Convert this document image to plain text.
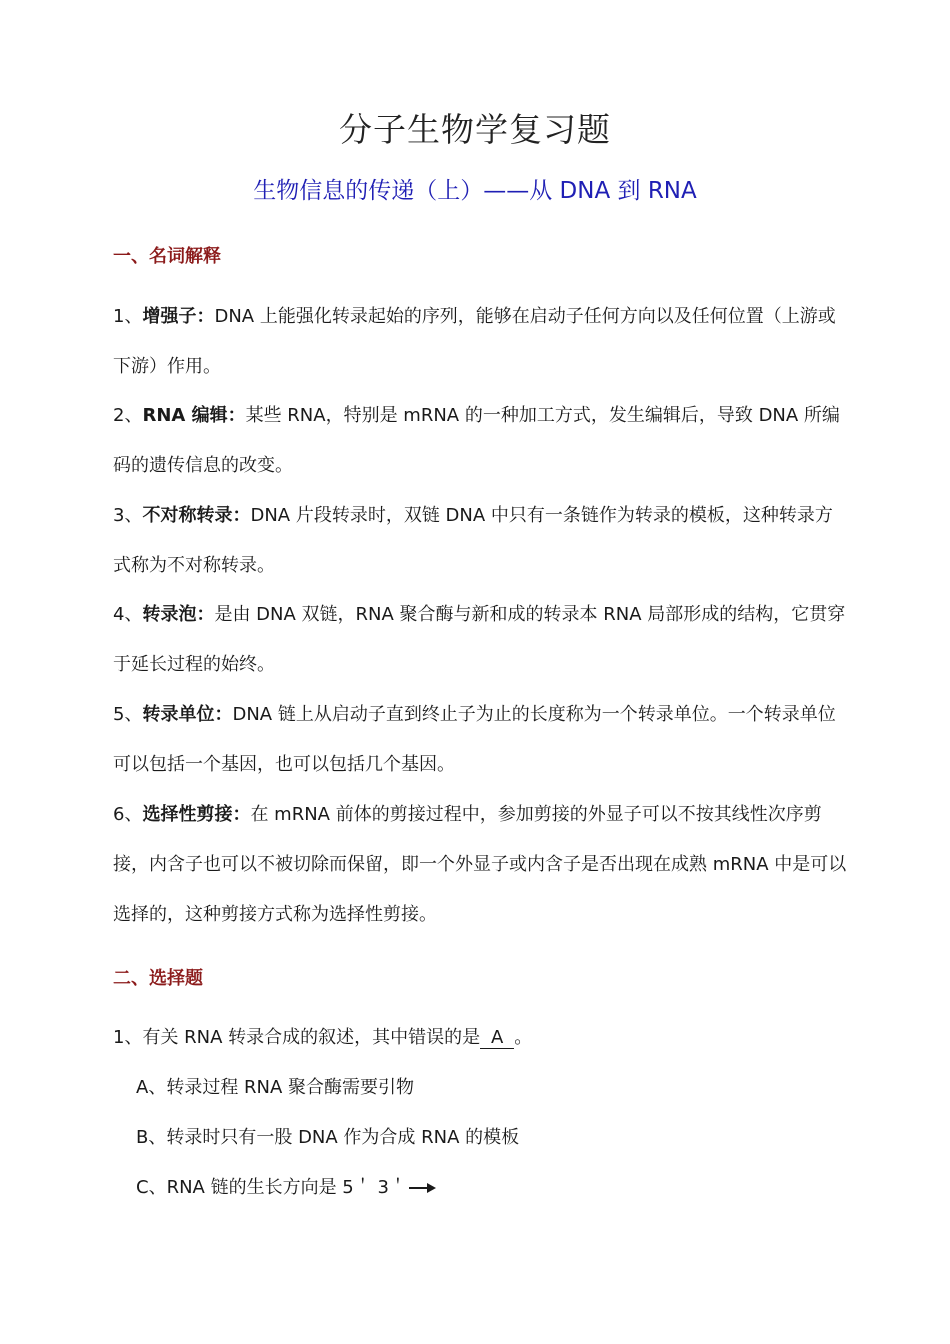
分子生物学复习题
生物信息的传递（上）——从 DNA 到 RNA
一、名词解释

1、增强子：DNA 上能强化转录起始的序列，能够在启动子任何方向以及任何位置（上游或下游）作用。

2、RNA 编辑：某些 RNA，特别是 mRNA 的一种加工方式，发生编辑后，导致 DNA 所编码的遗传信息的改变。

3、不对称转录：DNA 片段转录时，双链 DNA 中只有一条链作为转录的模板，这种转录方式称为不对称转录。

4、转录泡：是由 DNA 双链，RNA 聚合酶与新和成的转录本 RNA 局部形成的结构，它贯穿于延长过程的始终。

5、转录单位：DNA 链上从启动子直到终止子为止的长度称为一个转录单位。一个转录单位可以包括一个基因，也可以包括几个基因。

6、选择性剪接：在 mRNA 前体的剪接过程中，参加剪接的外显子可以不按其线性次序剪接，内含子也可以不被切除而保留，即一个外显子或内含子是否出现在成熟 mRNA 中是可以选择的，这种剪接方式称为选择性剪接。

二、选择题

1、有关 RNA 转录合成的叙述，其中错误的是 A 。

A、转录过程 RNA 聚合酶需要引物

B、转录时只有一股 DNA 作为合成 RNA 的模板

C、RNA 链的生长方向是 5＇ 3＇
